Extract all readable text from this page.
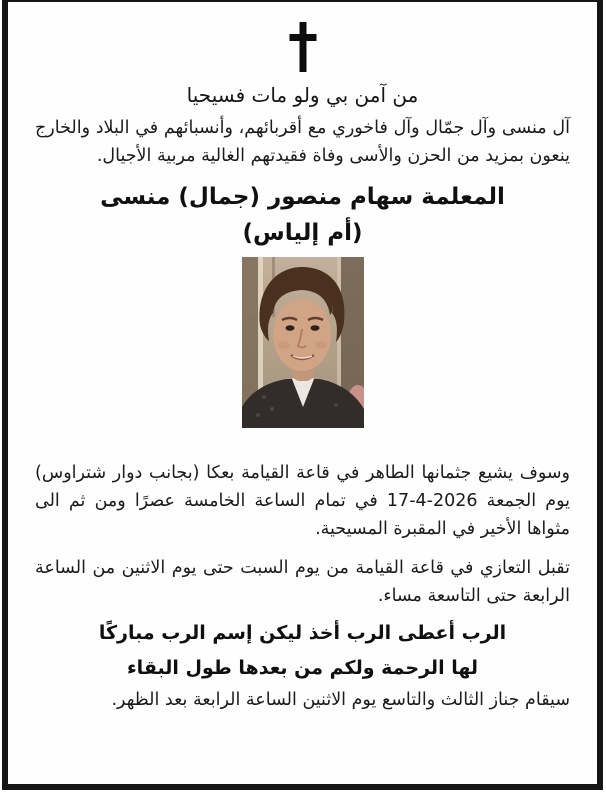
من آمن بي ولو مات فسيحيا
آل منسى وآل جمّال وآل فاخوري مع أقربائهم، وأنسبائهم في البلاد والخارج ينعون بمزيد من الحزن والأسى وفاة فقيدتهم الغالية مربية الأجيال.
المعلمة سهام منصور (جمال) منسى
(أم إلياس)
وسوف يشيع جثمانها الطاهر في قاعة القيامة بعكا (بجانب دوار شتراوس) يوم الجمعة 2026-4-17 في تمام الساعة الخامسة عصرًا ومن ثم الى مثواها الأخير في المقبرة المسيحية.
تقبل التعازي في قاعة القيامة من يوم السبت حتى يوم الاثنين من الساعة الرابعة حتى التاسعة مساء.
الرب أعطى الرب أخذ ليكن إسم الرب مباركًا
لها الرحمة ولكم من بعدها طول البقاء
سيقام جناز الثالث والتاسع يوم الاثنين الساعة الرابعة بعد الظهر.
